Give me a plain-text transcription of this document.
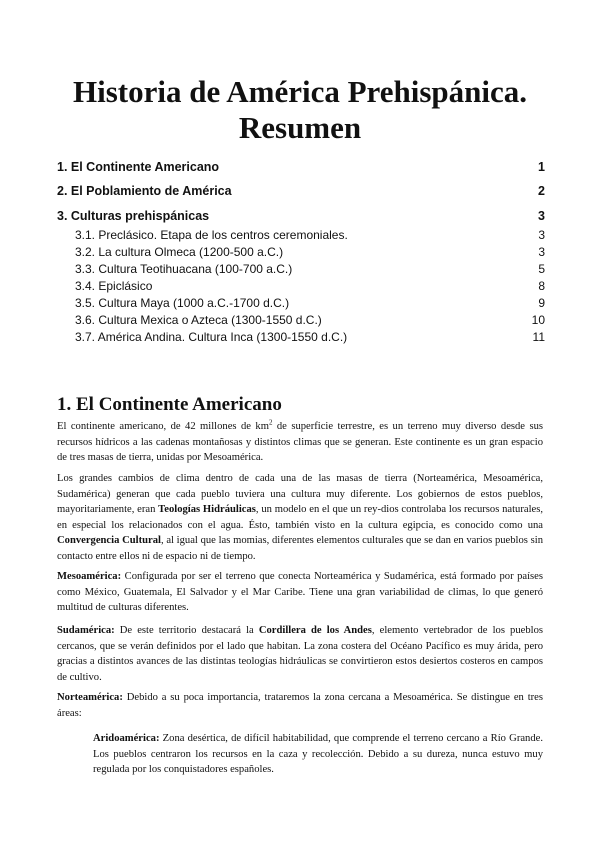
Historia de América Prehispánica.
Resumen
1. El Continente Americano	1
2. El Poblamiento de América	2
3. Culturas prehispánicas	3
3.1. Preclásico. Etapa de los centros ceremoniales.	3
3.2. La cultura Olmeca (1200-500 a.C.)	3
3.3. Cultura Teotihuacana (100-700 a.C.)	5
3.4. Epiclásico	8
3.5. Cultura Maya (1000 a.C.-1700 d.C.)	9
3.6. Cultura Mexica o Azteca (1300-1550 d.C.)	10
3.7. América Andina. Cultura Inca (1300-1550 d.C.)	11
1. El Continente Americano

El continente americano, de 42 millones de $km^2$ de superficie terrestre, es un terreno muy diverso desde sus recursos hídricos a las cadenas montañosas y distintos climas que se generan. Este continente es un gran espacio de tres masas de tierra, unidas por Mesoamérica.

Los grandes cambios de clima dentro de cada una de las masas de tierra (Norteamérica, Mesoamérica, Sudamérica) generan que cada pueblo tuviera una cultura muy diferente. Los gobiernos de estos pueblos, mayoritariamente, eran Teologías Hidráulicas, un modelo en el que un rey-dios controlaba los recursos naturales, en especial los relacionados con el agua. Ésto, también visto en la cultura egipcia, es conocido como una Convergencia Cultural, al igual que las momias, diferentes elementos culturales que se dan en varios pueblos sin contacto entre ellos ni de espacio ni de tiempo.

Mesoamérica: Configurada por ser el terreno que conecta Norteamérica y Sudamérica, está formado por países como México, Guatemala, El Salvador y el Mar Caribe. Tiene una gran variabilidad de climas, lo que generó multitud de culturas diferentes.

Sudamérica: De este territorio destacará la Cordillera de los Andes, elemento vertebrador de los pueblos cercanos, que se verán definidos por el lado que habitan. La zona costera del Océano Pacífico es muy árida, pero gracias a distintos avances de las distintas teologías hidráulicas se convirtieron estos desiertos costeros en campos de cultivo.

Norteamérica: Debido a su poca importancia, trataremos la zona cercana a Mesoamérica. Se distingue en tres áreas:

Aridoamérica: Zona desértica, de difícil habitabilidad, que comprende el terreno cercano a Río Grande. Los pueblos centraron los recursos en la caza y recolección. Debido a su dureza, nunca estuvo muy regulada por los conquistadores españoles.
